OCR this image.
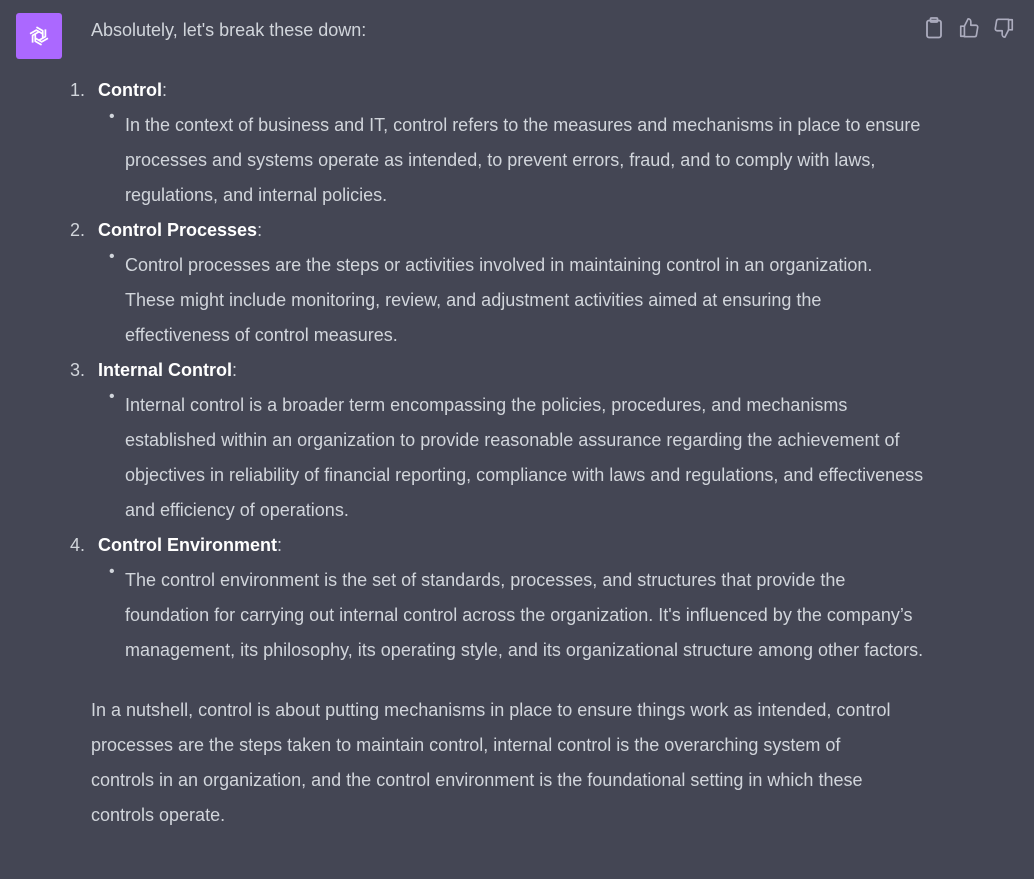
Absolutely, let's break these down:

1. Control:
• In the context of business and IT, control refers to the measures and mechanisms in place to ensure processes and systems operate as intended, to prevent errors, fraud, and to comply with laws, regulations, and internal policies.
2. Control Processes:
• Control processes are the steps or activities involved in maintaining control in an organization. These might include monitoring, review, and adjustment activities aimed at ensuring the effectiveness of control measures.
3. Internal Control:
• Internal control is a broader term encompassing the policies, procedures, and mechanisms established within an organization to provide reasonable assurance regarding the achievement of objectives in reliability of financial reporting, compliance with laws and regulations, and effectiveness and efficiency of operations.
4. Control Environment:
• The control environment is the set of standards, processes, and structures that provide the foundation for carrying out internal control across the organization. It's influenced by the company’s management, its philosophy, its operating style, and its organizational structure among other factors.

In a nutshell, control is about putting mechanisms in place to ensure things work as intended, control processes are the steps taken to maintain control, internal control is the overarching system of controls in an organization, and the control environment is the foundational setting in which these controls operate.
